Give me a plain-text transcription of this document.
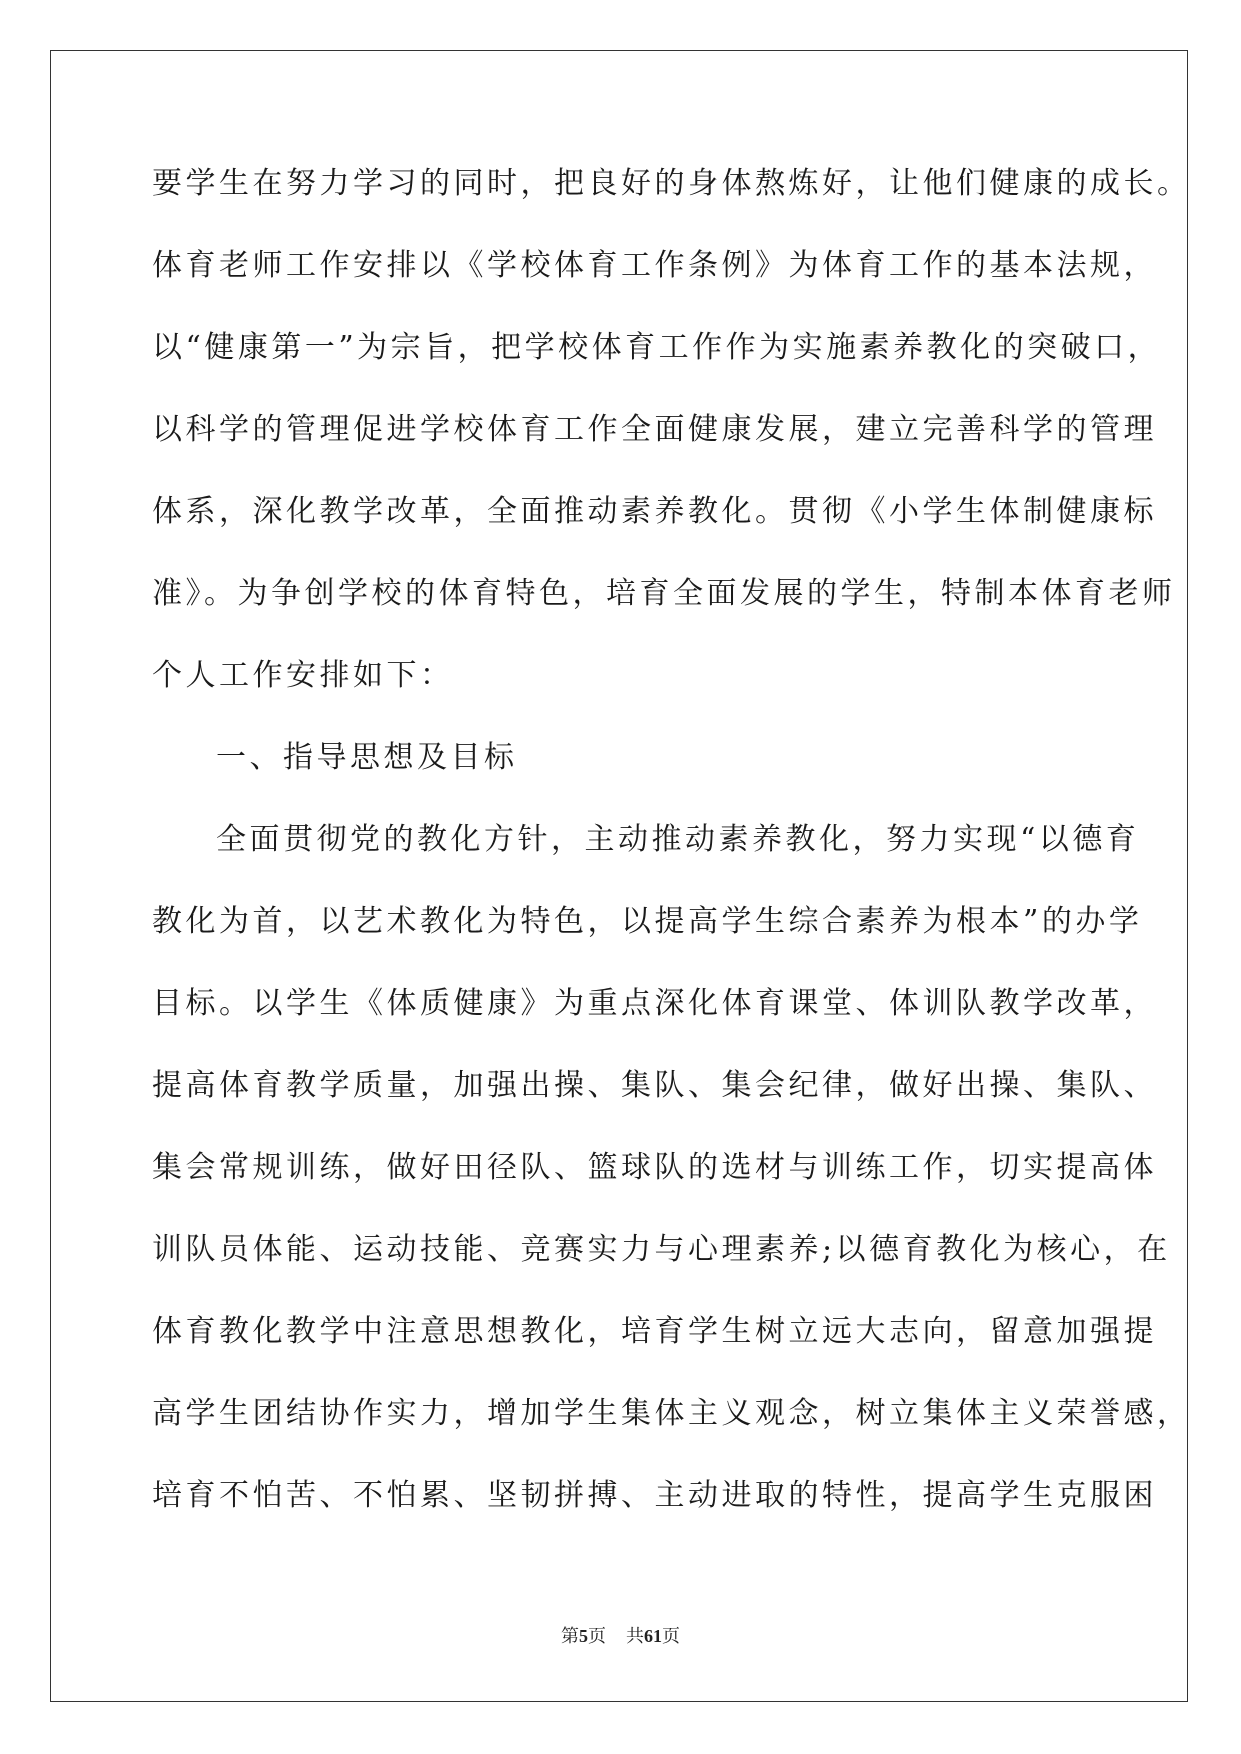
要学生在努力学习的同时，把良好的身体熬炼好，让他们健康的成长。
体育老师工作安排以《学校体育工作条例》为体育工作的基本法规，
以“健康第一”为宗旨，把学校体育工作作为实施素养教化的突破口，
以科学的管理促进学校体育工作全面健康发展，建立完善科学的管理
体系，深化教学改革，全面推动素养教化。贯彻《小学生体制健康标
准》。为争创学校的体育特色，培育全面发展的学生，特制本体育老师
个人工作安排如下：
一、指导思想及目标
全面贯彻党的教化方针，主动推动素养教化，努力实现“以德育
教化为首，以艺术教化为特色，以提高学生综合素养为根本”的办学
目标。以学生《体质健康》为重点深化体育课堂、体训队教学改革，
提高体育教学质量，加强出操、集队、集会纪律，做好出操、集队、
集会常规训练，做好田径队、篮球队的选材与训练工作，切实提高体
训队员体能、运动技能、竞赛实力与心理素养;以德育教化为核心，在
体育教化教学中注意思想教化，培育学生树立远大志向，留意加强提
高学生团结协作实力，增加学生集体主义观念，树立集体主义荣誉感，
培育不怕苦、不怕累、坚韧拼搏、主动进取的特性，提高学生克服困
第5页 共61页
